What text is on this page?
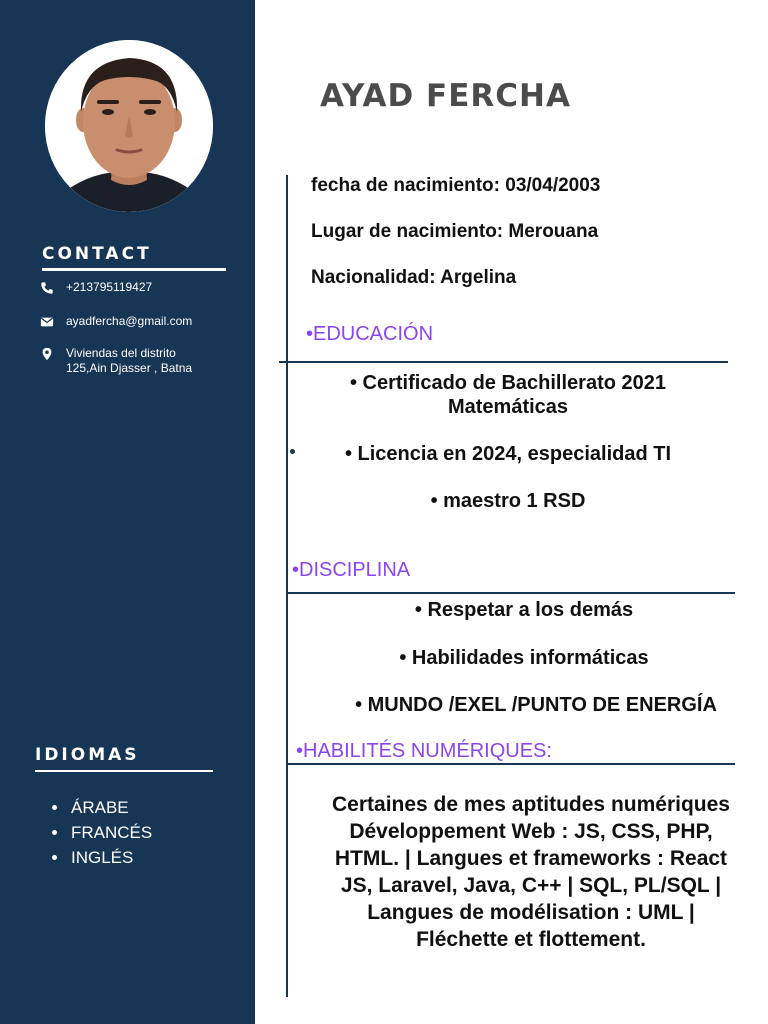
CONTACT
+213795119427
ayadfercha@gmail.com
Viviendas del distrito
125,Ain Djasser , Batna
IDIOMAS
ÁRABE
FRANCÉS
INGLÉS
AYAD FERCHA
fecha de nacimiento: 03/04/2003
Lugar de nacimiento: Merouana
Nacionalidad: Argelina
•EDUCACIÓN
• Certificado de Bachillerato 2021
Matemáticas
• Licencia en 2024, especialidad TI
• maestro 1 RSD
•DISCIPLINA
• Respetar a los demás
• Habilidades informáticas
• MUNDO /EXEL /PUNTO DE ENERGÍA
•HABILITÉS NUMÉRIQUES:
Certaines de mes aptitudes numériques
Développement Web : JS, CSS, PHP,
HTML. | Langues et frameworks : React
JS, Laravel, Java, C++ | SQL, PL/SQL |
Langues de modélisation : UML |
Fléchette et flottement.
